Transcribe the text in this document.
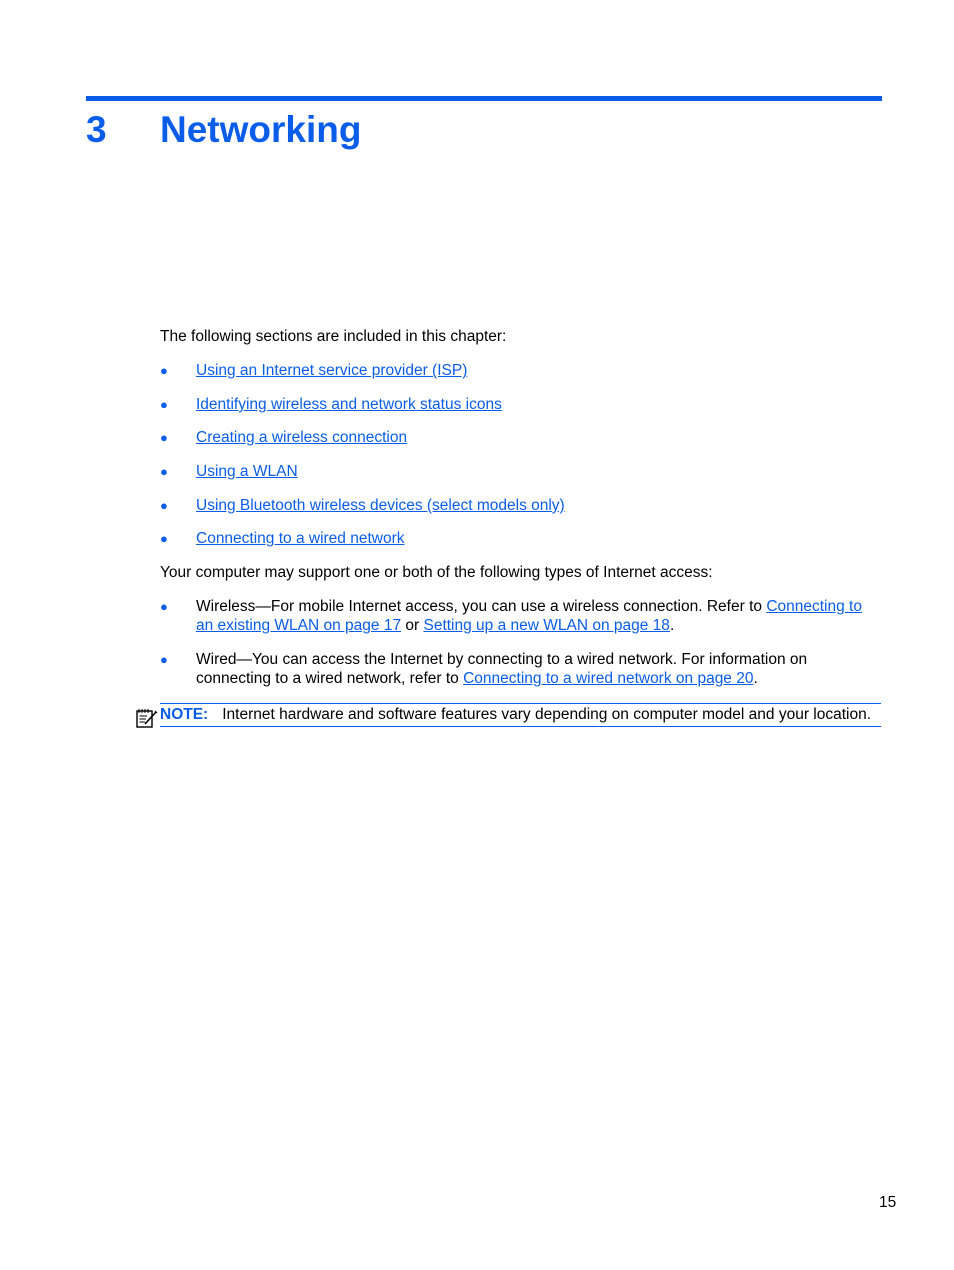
3 Networking
The following sections are included in this chapter:
● Using an Internet service provider (ISP)
● Identifying wireless and network status icons
● Creating a wireless connection
● Using a WLAN
● Using Bluetooth wireless devices (select models only)
● Connecting to a wired network
Your computer may support one or both of the following types of Internet access:
● Wireless—For mobile Internet access, you can use a wireless connection. Refer to Connecting to an existing WLAN on page 17 or Setting up a new WLAN on page 18.
● Wired—You can access the Internet by connecting to a wired network. For information on connecting to a wired network, refer to Connecting to a wired network on page 20.
NOTE: Internet hardware and software features vary depending on computer model and your location.
15
